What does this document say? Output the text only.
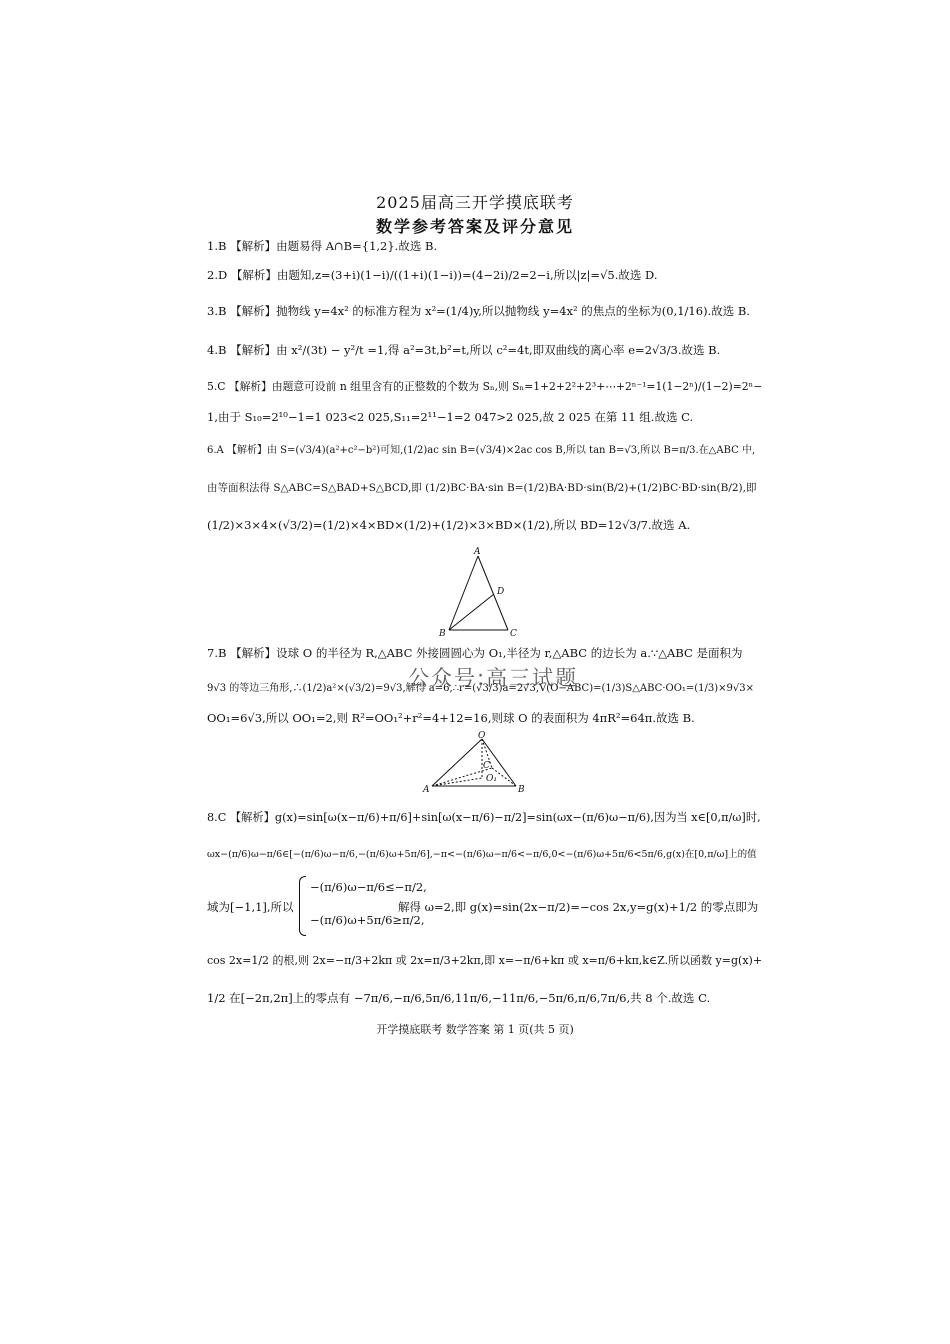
2025届高三开学摸底联考
数学参考答案及评分意见
1.B 【解析】由题易得 A∩B={1,2}.故选 B.
2.D 【解析】由题知,z=(3+i)(1−i)/((1+i)(1−i))=(4−2i)/2=2−i,所以|z|=√5.故选 D.
3.B 【解析】抛物线 y=4x² 的标准方程为 x²=(1/4)y,所以抛物线 y=4x² 的焦点的坐标为(0,1/16).故选 B.
4.B 【解析】由 x²/(3t) − y²/t =1,得 a²=3t,b²=t,所以 c²=4t,即双曲线的离心率 e=2√3/3.故选 B.
5.C 【解析】由题意可设前 n 组里含有的正整数的个数为 Sₙ,则 Sₙ=1+2+2²+2³+⋯+2ⁿ⁻¹=1(1−2ⁿ)/(1−2)=2ⁿ−
1,由于 S₁₀=2¹⁰−1=1 023<2 025,S₁₁=2¹¹−1=2 047>2 025,故 2 025 在第 11 组.故选 C.
6.A 【解析】由 S=(√3/4)(a²+c²−b²)可知,(1/2)ac sin B=(√3/4)×2ac cos B,所以 tan B=√3,所以 B=π/3.在△ABC 中,
由等面积法得 S△ABC=S△BAD+S△BCD,即 (1/2)BC·BA·sin B=(1/2)BA·BD·sin(B/2)+(1/2)BC·BD·sin(B/2),即
(1/2)×3×4×(√3/2)=(1/2)×4×BD×(1/2)+(1/2)×3×BD×(1/2),所以 BD=12√3/7.故选 A.
A
D
B	C
7.B 【解析】设球 O 的半径为 R,△ABC 外接圆圆心为 O₁,半径为 r,△ABC 的边长为 a.∵△ABC 是面积为
9√3 的等边三角形,∴(1/2)a²×(√3/2)=9√3,解得 a=6,∴r=(√3/3)a=2√3,V(O−ABC)=(1/3)S△ABC·OO₁=(1/3)×9√3×
OO₁=6√3,所以 OO₁=2,则 R²=OO₁²+r²=4+12=16,则球 O 的表面积为 4πR²=64π.故选 B.
公众号:高三试题
O
C
O₁
A	B
8.C 【解析】g(x)=sin[ω(x−π/6)+π/6]+sin[ω(x−π/6)−π/2]=sin(ωx−(π/6)ω−π/6),因为当 x∈[0,π/ω]时,
ωx−(π/6)ω−π/6∈[−(π/6)ω−π/6,−(π/6)ω+5π/6],−π<−(π/6)ω−π/6<−π/6,0<−(π/6)ω+5π/6<5π/6,g(x)在[0,π/ω]上的值
域为[−1,1],所以
−(π/6)ω−π/6≤−π/2,
−(π/6)ω+5π/6≥π/2,
解得 ω=2,即 g(x)=sin(2x−π/2)=−cos 2x,y=g(x)+1/2 的零点即为
cos 2x=1/2 的根,则 2x=−π/3+2kπ 或 2x=π/3+2kπ,即 x=−π/6+kπ 或 x=π/6+kπ,k∈Z.所以函数 y=g(x)+
1/2 在[−2π,2π]上的零点有 −7π/6,−π/6,5π/6,11π/6,−11π/6,−5π/6,π/6,7π/6,共 8 个.故选 C.
开学摸底联考 数学答案 第 1 页(共 5 页)
